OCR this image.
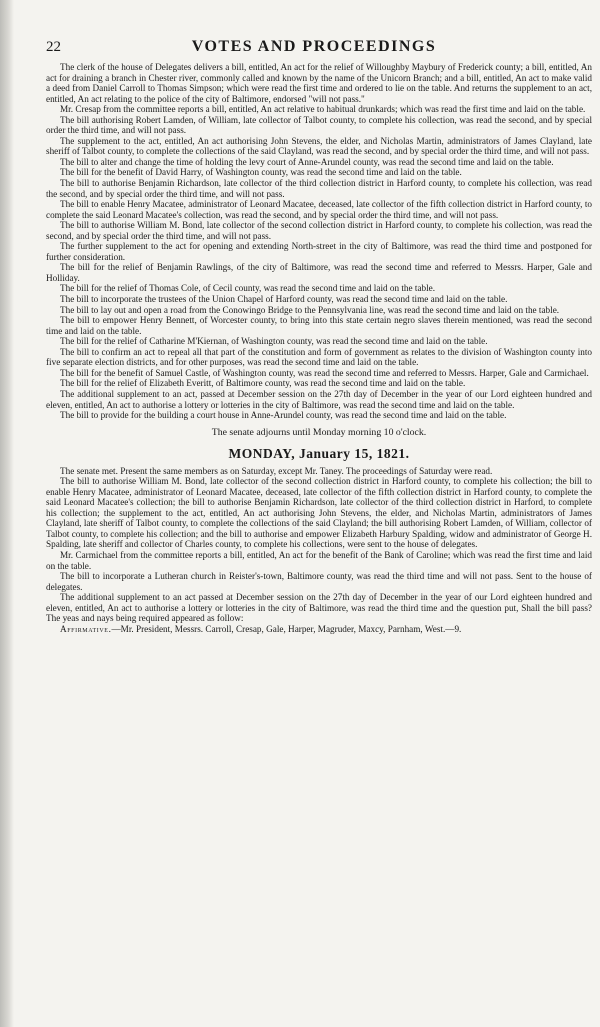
22	VOTES AND PROCEEDINGS

The clerk of the house of Delegates delivers a bill, entitled, An act for the relief of Willoughby Maybury of Frederick county; a bill, entitled, An act for draining a branch in Chester river, commonly called and known by the name of the Unicorn Branch; and a bill, entitled, An act to make valid a deed from Daniel Carroll to Thomas Simpson; which were read the first time and ordered to lie on the table. And returns the supplement to an act, entitled, An act relating to the police of the city of Baltimore, endorsed "will not pass."

Mr. Cresap from the committee reports a bill, entitled, An act relative to habitual drunkards; which was read the first time and laid on the table.

The bill authorising Robert Lamden, of William, late collector of Talbot county, to complete his collection, was read the second, and by special order the third time, and will not pass.

The supplement to the act, entitled, An act authorising John Stevens, the elder, and Nicholas Martin, administrators of James Clayland, late sheriff of Talbot county, to complete the collections of the said Clayland, was read the second, and by special order the third time, and will not pass.

The bill to alter and change the time of holding the levy court of Anne-Arundel county, was read the second time and laid on the table.

The bill for the benefit of David Harry, of Washington county, was read the second time and laid on the table.

The bill to authorise Benjamin Richardson, late collector of the third collection district in Harford county, to complete his collection, was read the second, and by special order the third time, and will not pass.

The bill to enable Henry Macatee, administrator of Leonard Macatee, deceased, late collector of the fifth collection district in Harford county, to complete the said Leonard Macatee's collection, was read the second, and by special order the third time, and will not pass.

The bill to authorise William M. Bond, late collector of the second collection district in Harford county, to complete his collection, was read the second, and by special order the third time, and will not pass.

The further supplement to the act for opening and extending North-street in the city of Baltimore, was read the third time and postponed for further consideration.

The bill for the relief of Benjamin Rawlings, of the city of Baltimore, was read the second time and referred to Messrs. Harper, Gale and Holliday.

The bill for the relief of Thomas Cole, of Cecil county, was read the second time and laid on the table.

The bill to incorporate the trustees of the Union Chapel of Harford county, was read the second time and laid on the table.

The bill to lay out and open a road from the Conowingo Bridge to the Pennsylvania line, was read the second time and laid on the table.

The bill to empower Henry Bennett, of Worcester county, to bring into this state certain negro slaves therein mentioned, was read the second time and laid on the table.

The bill for the relief of Catharine M'Kiernan, of Washington county, was read the second time and laid on the table.

The bill to confirm an act to repeal all that part of the constitution and form of government as relates to the division of Washington county into five separate election districts, and for other purposes, was read the second time and laid on the table.

The bill for the benefit of Samuel Castle, of Washington county, was read the second time and referred to Messrs. Harper, Gale and Carmichael.

The bill for the relief of Elizabeth Everitt, of Baltimore county, was read the second time and laid on the table.

The additional supplement to an act, passed at December session on the 27th day of December in the year of our Lord eighteen hundred and eleven, entitled, An act to authorise a lottery or lotteries in the city of Baltimore, was read the second time and laid on the table.

The bill to provide for the building a court house in Anne-Arundel county, was read the second time and laid on the table.

The senate adjourns until Monday morning 10 o'clock.

MONDAY, January 15, 1821.

The senate met. Present the same members as on Saturday, except Mr. Taney. The proceedings of Saturday were read.

The bill to authorise William M. Bond, late collector of the second collection district in Harford county, to complete his collection; the bill to enable Henry Macatee, administrator of Leonard Macatee, deceased, late collector of the fifth collection district in Harford county, to complete the said Leonard Macatee's collection; the bill to authorise Benjamin Richardson, late collector of the third collection district in Harford, to complete his collection; the supplement to the act, entitled, An act authorising John Stevens, the elder, and Nicholas Martin, administrators of James Clayland, late sheriff of Talbot county, to complete the collections of the said Clayland; the bill authorising Robert Lamden, of William, collector of Talbot county, to complete his collection; and the bill to authorise and empower Elizabeth Harbury Spalding, widow and administrator of George H. Spalding, late sheriff and collector of Charles county, to complete his collections, were sent to the house of delegates.

Mr. Carmichael from the committee reports a bill, entitled, An act for the benefit of the Bank of Caroline; which was read the first time and laid on the table.

The bill to incorporate a Lutheran church in Reister's-town, Baltimore county, was read the third time and will not pass. Sent to the house of delegates.

The additional supplement to an act passed at December session on the 27th day of December in the year of our Lord eighteen hundred and eleven, entitled, An act to authorise a lottery or lotteries in the city of Baltimore, was read the third time and the question put, Shall the bill pass? The yeas and nays being required appeared as follow:

Affirmative.—Mr. President, Messrs. Carroll, Cresap, Gale, Harper, Magruder, Maxcy, Parnham, West.—9.
